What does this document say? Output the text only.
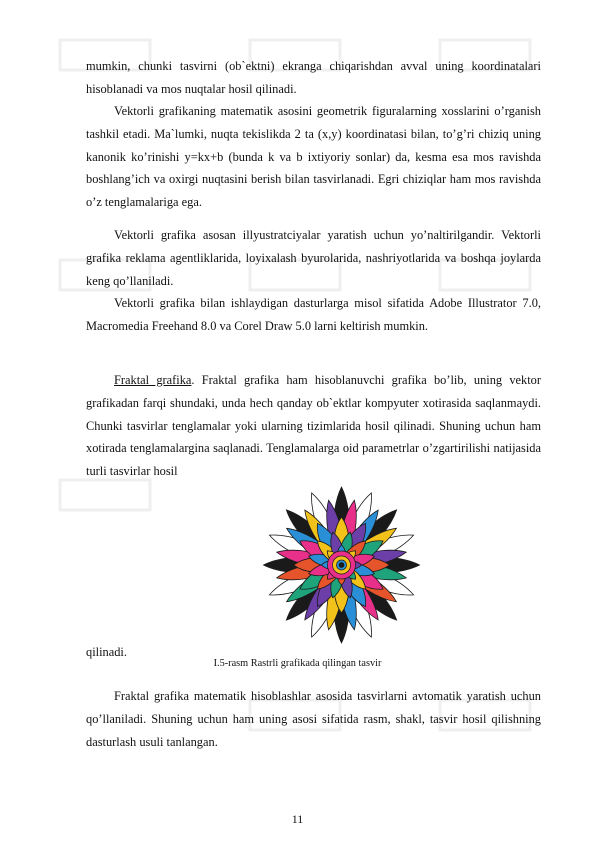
mumkin, chunki tasvirni (ob`ektni) ekranga chiqarishdan avval uning koordinatalari hisoblanadi va mos nuqtalar hosil qilinadi.

Vektorli grafikaning matematik asosini geometrik figuralarning xosslarini o’rganish tashkil etadi. Ma`lumki, nuqta tekislikda 2 ta (x,y) koordinatasi bilan, to’g’ri chiziq uning kanonik ko’rinishi y=kx+b (bunda k va b ixtiyoriy sonlar) da, kesma esa mos ravishda boshlang’ich va oxirgi nuqtasini berish bilan tasvirlanadi. Egri chiziqlar ham mos ravishda o’z tenglamalariga ega.

Vektorli grafika asosan illyustratciyalar yaratish uchun yo’naltirilgandir. Vektorli grafika reklama agentliklarida, loyixalash byurolarida, nashriyotlarida va boshqa joylarda keng qo’llaniladi.

Vektorli grafika bilan ishlaydigan dasturlarga misol sifatida Adobe Illustrator 7.0, Macromedia Freehand 8.0 va Corel Draw 5.0 larni keltirish mumkin.

Fraktal grafika. Fraktal grafika ham hisoblanuvchi grafika bo’lib, uning vektor grafikadan farqi shundaki, unda hech qanday ob`ektlar kompyuter xotirasida saqlanmaydi. Chunki tasvirlar tenglamalar yoki ularning tizimlarida hosil qilinadi. Shuning uchun ham xotirada tenglamalargina saqlanadi. Tenglamalarga oid parametrlar o’zgartirilishi natijasida turli tasvirlar hosil

qilinadi.

I.5-rasm Rastrli grafikada qilingan tasvir

Fraktal grafika matematik hisoblashlar asosida tasvirlarni avtomatik yaratish uchun qo’llaniladi. Shuning uchun ham uning asosi sifatida rasm, shakl, tasvir hosil qilishning dasturlash usuli tanlangan.

11
